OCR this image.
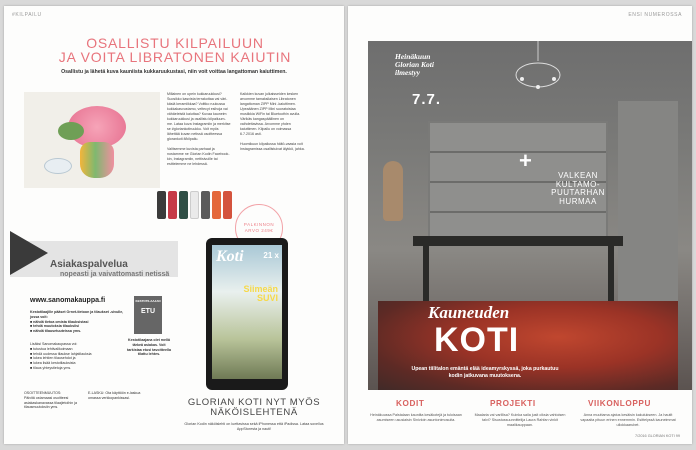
#KILPAILU
OSALLISTU KILPAILUUN
JA VOITA LIBRATONEN KAIUTIN
Osallistu ja lähetä kuva kauniista kukkaruukustasi, niin voit voittaa langattoman kaiuttimen.
Millainen on upein kukkaruukkusi? Suosikko kasvista terrakottaa vai väri-käsiä keramiikkaa? Voittko ruukussa kukkakasvustamo, veltecyt esihoja vai vähäeleistä kaiuttaa? Kuvaa kauneim kukkaruukkusi ja osallistu kilpailuum-me. Lataa kuva Instagramiin ja merkitse se #gloriankotiruukku. Voit myös lähettää kuvan netissä osoitteessa glorankoti.fi/kilpailu.

Valitsemme kuvista parhaat ja nostamme ne Glorian Kodin Facebook-kin, Instagramiin, nettisivuille tai esittelemme ne lehdessä.
Kaikkien kuvan julkaisseiden kesken arvomme tamaksilaisen Libratonen langattoman ZIPP Mini -kaiuttimen. Upeaäänen ZIPP Mini suoratoistaa musiikkia WiFin tai Bluetoothin avulla. Värikäs kangaspäällinen on vaihdettavissa. Arvomme yhden kaiuttimen. Kilpailu on voimassa 6.7.2016 asti.

Huomikuun kilpailussa häitö-vaasia voit Instagramissa osallistuivat älykkö, jahka.
PALKINNON ARVO 249€
Asiakaspalvelua
nopeasti ja vaivattomasti netissä
www.sanomakauppa.fi
Kestotilaajille pääset Ornet-tietoon ja tilaukset -sivulle, jossa voit:
■ nähdä tietoa omista tilauksistasi
■ tehdä muutoksia tilauksiisi
■ nähdä tilausetuuteissa yms.
Lisäksi Sanomakaupassa voi:
■ tutustua lehtivalikoimaan
■ tehdä uudessa tilaukse lahjatilauksia
■ lukea lehtien tilausehdot ja
■ lukea lisää kestotilauksista
■ tilaus yhteystietoja yms.
KESTOTILAAJAN
ETU
Kestotilaajana olet mellä tärkeä asiakas. Voit tarkistaa etusi tavoitteella tilattu lehtes.
OSOITTEENMUUTOS:
Päivitä ostamaasi osoitteesi asiakaskanavassa tilaajietoihin ja tilausmuutoksiin yms.
E-LASKU: Ota käyttöön e-laskua omassa verkkopankissasi.
Koti 21 x
Siimeän
SUVI
GLORIAN KOTI NYT MYÖS
NÄKÖISLEHTENÄ
Glorian Kodin näköislehti on luettavissa sekä iPhonessa että iPadissa. Lataa sovellus AppStoresta ja nauti!
ENSI NUMEROSSA
Heinäkuun
Glorian Koti
ilmestyy
7.7.
+
VALKEAN
KULTAMO-
PUUTARHAN
HURMAA
Kauneuden
KOTI
Upean tiilitalon emäntä elää ideamyrskyssä, joka purkautuu kodin jatkuvana muutoksena.
KODIT
Heinäkuussa Palstalaan kauniita kesäkotejä ja tuloisaan asumiseen ususiaisin Sinivloin asuntonimosuita.
PROJEKTI
Maalaria vai varillisa? Kuinka saila jusit ciksia vahtoisen talvi? Sisustussuunnittelija Laura Rahfan vinkit maalikauppaan.
VIIKONLOPPU
Anna muuttama ajatus kesäisin kakulukseen. Ja hautit vapaaita pituun erinen ennemmin. Esittelyssä kauneimmat ullokkaarubet.
7/2016 GLORIAN KOTI 99
